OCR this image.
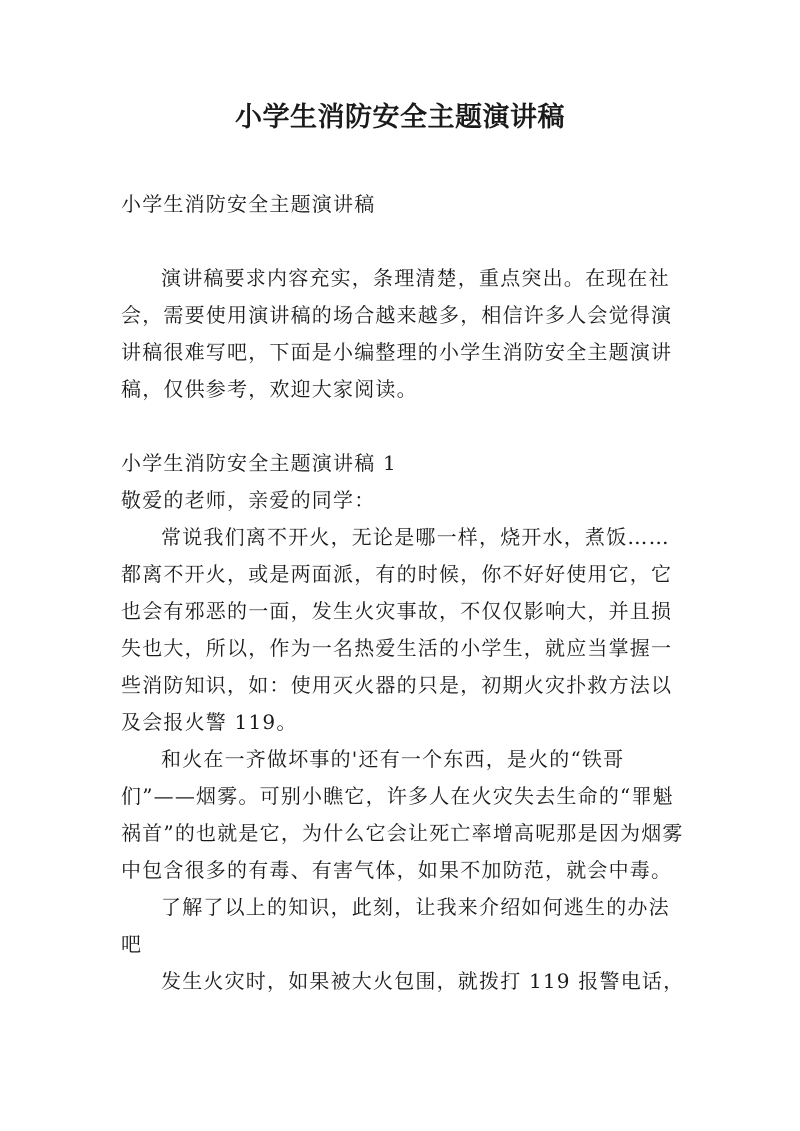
小学生消防安全主题演讲稿

小学生消防安全主题演讲稿

演讲稿要求内容充实，条理清楚，重点突出。在现在社会，需要使用演讲稿的场合越来越多，相信许多人会觉得演讲稿很难写吧，下面是小编整理的小学生消防安全主题演讲稿，仅供参考，欢迎大家阅读。

小学生消防安全主题演讲稿 1

敬爱的老师，亲爱的同学：

常说我们离不开火，无论是哪一样，烧开水，煮饭……都离不开火，或是两面派，有的时候，你不好好使用它，它也会有邪恶的一面，发生火灾事故，不仅仅影响大，并且损失也大，所以，作为一名热爱生活的小学生，就应当掌握一些消防知识，如：使用灭火器的只是，初期火灾扑救方法以及会报火警 119。

和火在一齐做坏事的'还有一个东西，是火的“铁哥们”——烟雾。可别小瞧它，许多人在火灾失去生命的“罪魁祸首”的也就是它，为什么它会让死亡率增高呢那是因为烟雾中包含很多的有毒、有害气体，如果不加防范，就会中毒。

了解了以上的知识，此刻，让我来介绍如何逃生的办法吧

发生火灾时，如果被大火包围，就拨打 119 报警电话，
